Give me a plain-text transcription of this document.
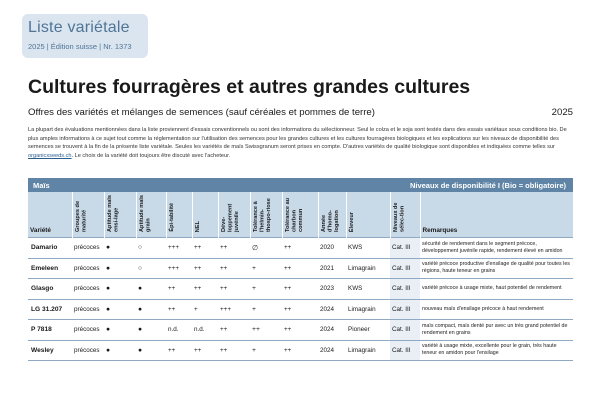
Liste variétale
2025 | Édition suisse | Nr. 1373
Cultures fourragères et autres grandes cultures
Offres des variétés et mélanges de semences (sauf céréales et pommes de terre)	2025
La plupart des évaluations mentionnées dans la liste proviennent d'essais conventionnels ou sont des informations du sélectionneur. Seul le colza et le soja sont testés dans des essais variétaux sous conditions bio. De plus amples informations à ce sujet tout comme la réglementation sur l'utilisation des semences pour les grandes cultures et les cultures fourragères biologiques et les explications sur les niveaux de disponibilité des semences se trouvent à la fin de la présente liste variétale. Seules les variétés de maïs Swissgranum seront prises en compte. D'autres variétés de qualité biologique sont disponibles et indiquées comme telles sur organicxseeds.ch. Le choix de la variété doit toujours être discuté avec l'acheteur.
Maïs	Niveaux de disponibilité I (Bio = obligatoire)
Variété	Groupes de maturité	Aptitude maïs ensi-lage	Aptitude maïs grain	Épi-tabilité	NEL	Déve-loppement juvénile	Tolérance à l'helmin-thospo-riose	Tolérance au charbon commun	Année d'homo-logation	Éleveur	Niveaux de sélec-tion	Remarques
Damario	précoces	●	○	+++	++	++	∅	++	2020	KWS	Cat. III	sécurité de rendement dans le segment précoce, développement juvénile rapide, rendement élevé en amidon
Emeleen	précoces	●	○	+++	++	++	+	++	2021	Limagrain	Cat. III	variété précoce productive d'ensilage de qualité pour toutes les régions, haute teneur en grains
Glasgo	précoces	●	●	++	++	++	+	++	2023	KWS	Cat. III	variété précoce à usage mixte, haut potentiel de rendement
LG 31.207	précoces	●	●	++	+	+++	+	++	2024	Limagrain	Cat. III	nouveau maïs d'ensilage précoce à haut rendement
P 7818	précoces	●	●	n.d.	n.d.	++	++	++	2024	Pioneer	Cat. III	maïs compact, maïs denté pur avec un très grand potentiel de rendement en grains
Wesley	précoces	●	●	++	++	++	+	++	2024	Limagrain	Cat. III	variété à usage mixte, excellente pour le grain, très haute teneur en amidon pour l'ensilage
